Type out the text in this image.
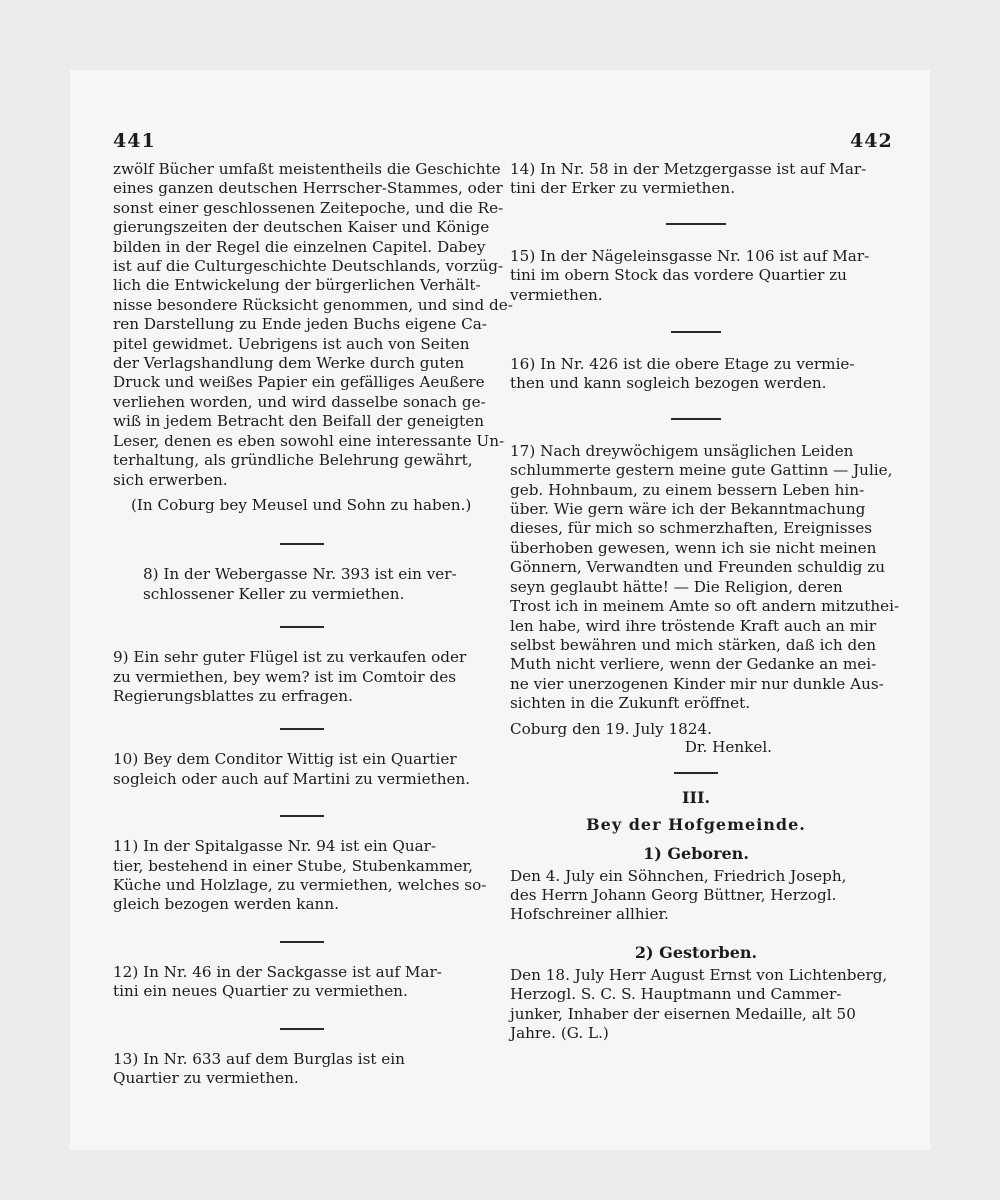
441	442
zwölf Bücher umfaßt meistentheils die Geschichte
eines ganzen deutschen Herrscher-Stammes, oder
sonst einer geschlossenen Zeitepoche, und die Re-
gierungszeiten der deutschen Kaiser und Könige
bilden in der Regel die einzelnen Capitel. Dabey
ist auf die Culturgeschichte Deutschlands, vorzüg-
lich die Entwickelung der bürgerlichen Verhält-
nisse besondere Rücksicht genommen, und sind de-
ren Darstellung zu Ende jeden Buchs eigene Ca-
pitel gewidmet. Uebrigens ist auch von Seiten
der Verlagshandlung dem Werke durch guten
Druck und weißes Papier ein gefälliges Aeußere
verliehen worden, und wird dasselbe sonach ge-
wiß in jedem Betracht den Beifall der geneigten
Leser, denen es eben sowohl eine interessante Un-
terhaltung, als gründliche Belehrung gewährt,
sich erwerben.
(In Coburg bey Meusel und Sohn zu haben.)
8) In der Webergasse Nr. 393 ist ein ver-
schlossener Keller zu vermiethen.
9) Ein sehr guter Flügel ist zu verkaufen oder
zu vermiethen, bey wem? ist im Comtoir des
Regierungsblattes zu erfragen.
10) Bey dem Conditor Wittig ist ein Quartier
sogleich oder auch auf Martini zu vermiethen.
11) In der Spitalgasse Nr. 94 ist ein Quar-
tier, bestehend in einer Stube, Stubenkammer,
Küche und Holzlage, zu vermiethen, welches so-
gleich bezogen werden kann.
12) In Nr. 46 in der Sackgasse ist auf Mar-
tini ein neues Quartier zu vermiethen.
13) In Nr. 633 auf dem Burglas ist ein
Quartier zu vermiethen.
14) In Nr. 58 in der Metzgergasse ist auf Mar-
tini der Erker zu vermiethen.
15) In der Nägeleinsgasse Nr. 106 ist auf Mar-
tini im obern Stock das vordere Quartier zu
vermiethen.
16) In Nr. 426 ist die obere Etage zu vermie-
then und kann sogleich bezogen werden.
17) Nach dreywöchigem unsäglichen Leiden
schlummerte gestern meine gute Gattinn — Julie,
geb. Hohnbaum, zu einem bessern Leben hin-
über. Wie gern wäre ich der Bekanntmachung
dieses, für mich so schmerzhaften, Ereignisses
überhoben gewesen, wenn ich sie nicht meinen
Gönnern, Verwandten und Freunden schuldig zu
seyn geglaubt hätte! — Die Religion, deren
Trost ich in meinem Amte so oft andern mitzuthei-
len habe, wird ihre tröstende Kraft auch an mir
selbst bewähren und mich stärken, daß ich den
Muth nicht verliere, wenn der Gedanke an mei-
ne vier unerzogenen Kinder mir nur dunkle Aus-
sichten in die Zukunft eröffnet.
Coburg den 19. July 1824.
Dr. Henkel.
III.
Bey der Hofgemeinde.
1) Geboren.
Den 4. July ein Söhnchen, Friedrich Joseph,
des Herrn Johann Georg Büttner, Herzogl.
Hofschreiner allhier.
2) Gestorben.
Den 18. July Herr August Ernst von Lichtenberg,
Herzogl. S. C. S. Hauptmann und Cammer-
junker, Inhaber der eisernen Medaille, alt 50
Jahre. (G. L.)
